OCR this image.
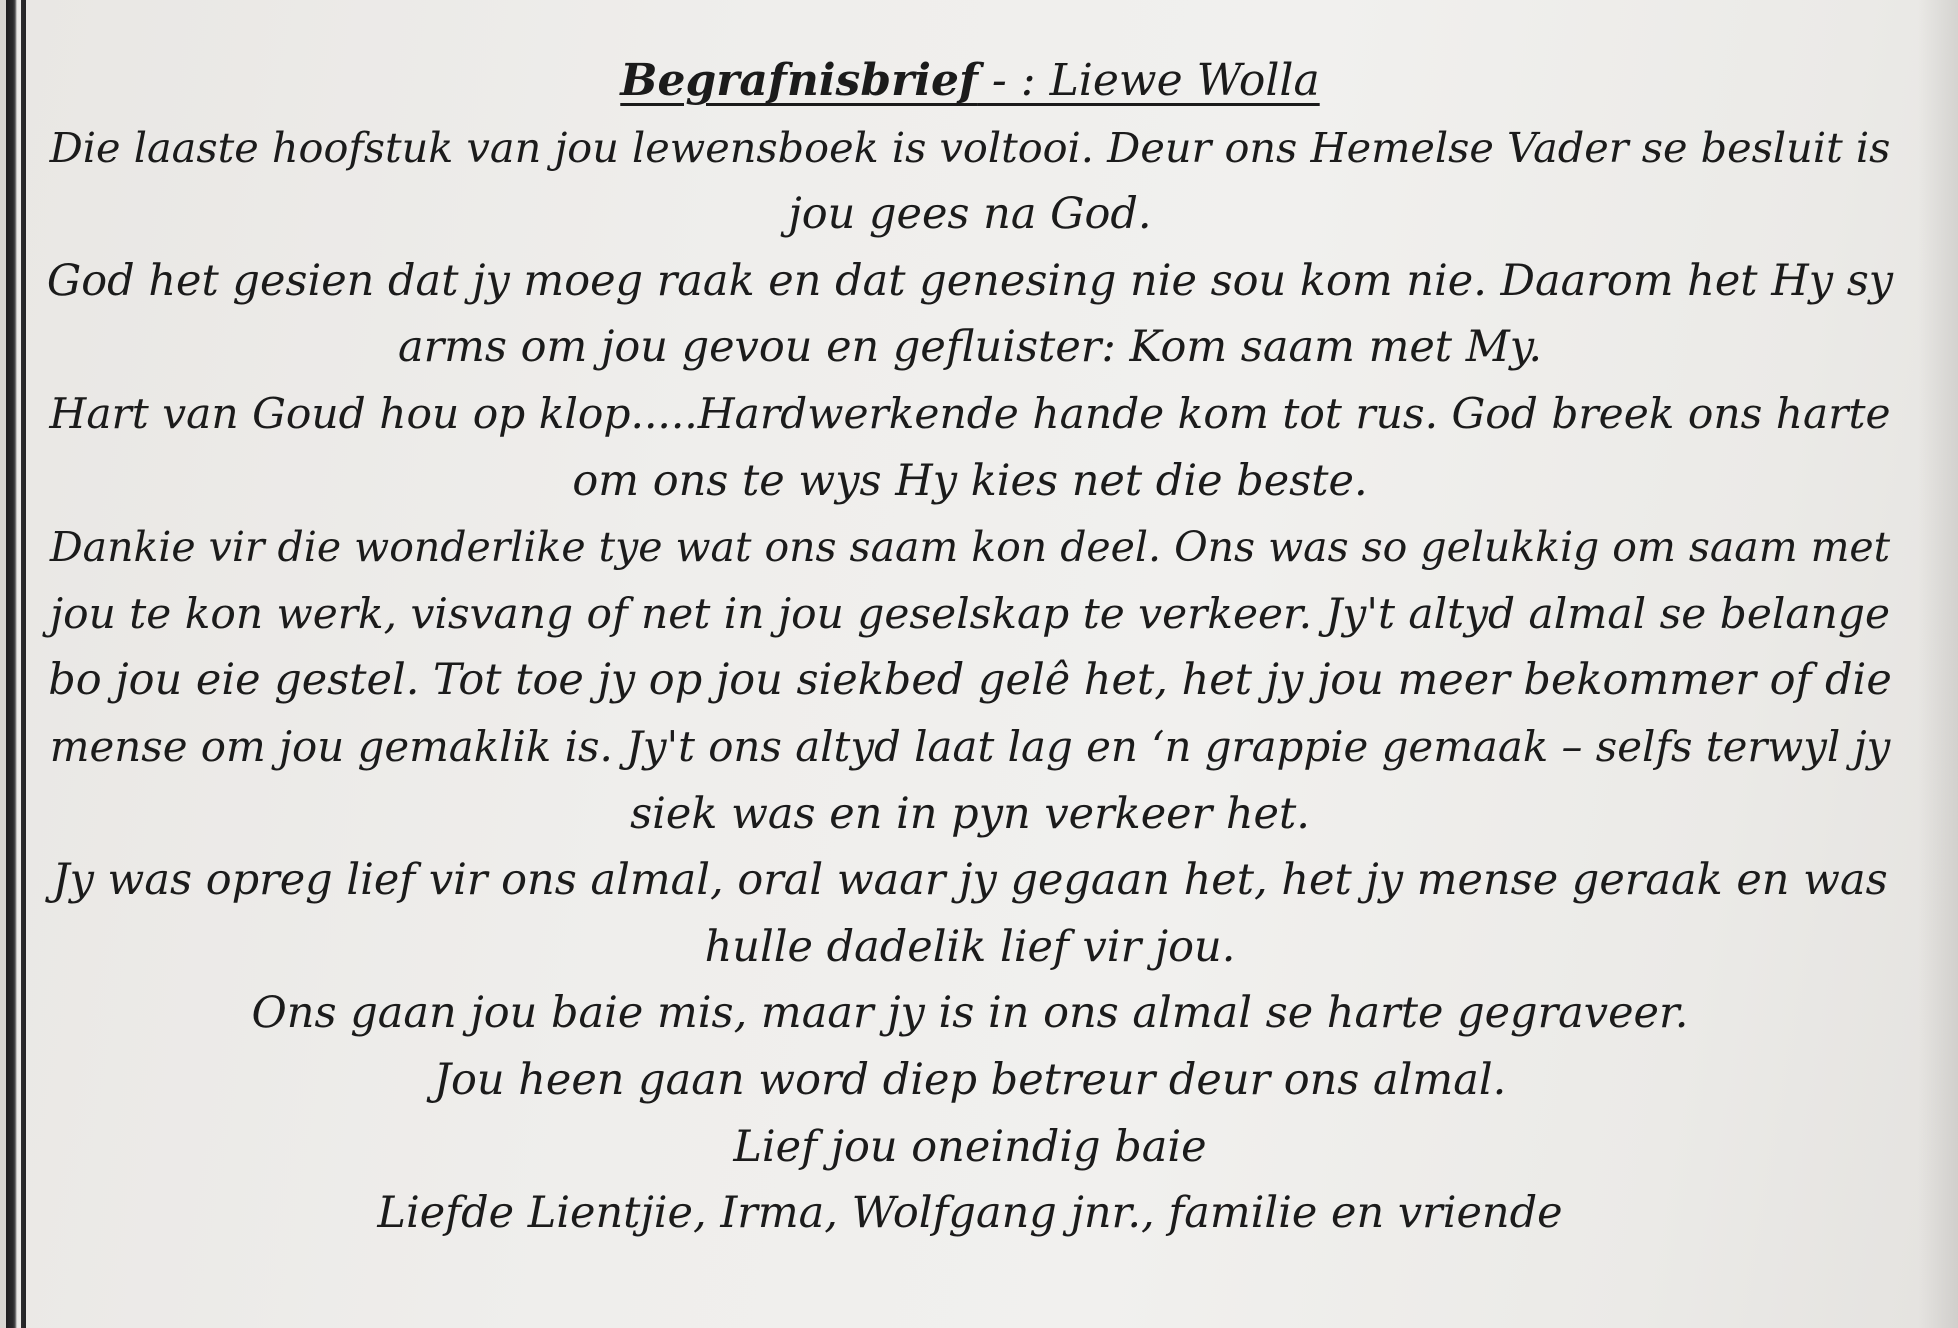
Begrafnisbrief - : Liewe Wolla
Die laaste hoofstuk van jou lewensboek is voltooi. Deur ons Hemelse Vader se besluit is
jou gees na God.
God het gesien dat jy moeg raak en dat genesing nie sou kom nie. Daarom het Hy sy
arms om jou gevou en gefluister: Kom saam met My.
Hart van Goud hou op klop.....Hardwerkende hande kom tot rus. God breek ons harte
om ons te wys Hy kies net die beste.
Dankie vir die wonderlike tye wat ons saam kon deel. Ons was so gelukkig om saam met
jou te kon werk, visvang of net in jou geselskap te verkeer. Jy't altyd almal se belange
bo jou eie gestel. Tot toe jy op jou siekbed gelê het, het jy jou meer bekommer of die
mense om jou gemaklik is. Jy't ons altyd laat lag en ‘n grappie gemaak – selfs terwyl jy
siek was en in pyn verkeer het.
Jy was opreg lief vir ons almal, oral waar jy gegaan het, het jy mense geraak en was
hulle dadelik lief vir jou.
Ons gaan jou baie mis, maar jy is in ons almal se harte gegraveer.
Jou heen gaan word diep betreur deur ons almal.
Lief jou oneindig baie
Liefde Lientjie, Irma, Wolfgang jnr., familie en vriende
